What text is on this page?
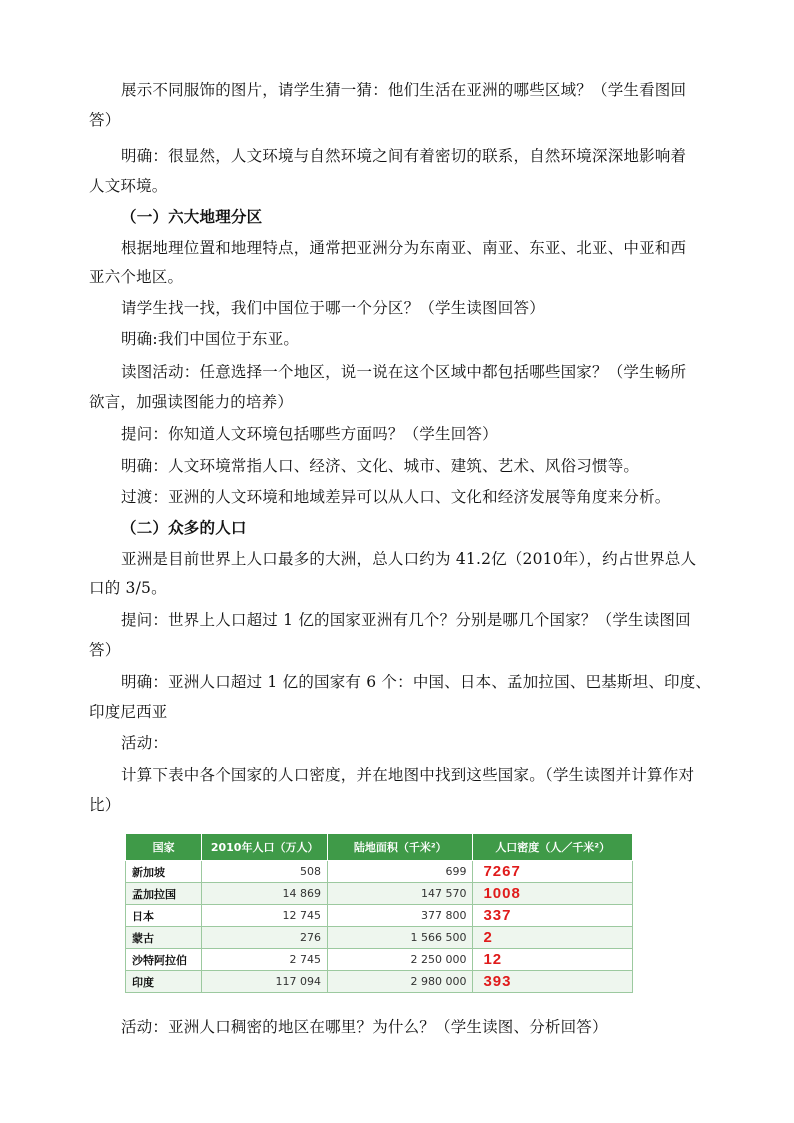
展示不同服饰的图片，请学生猜一猜：他们生活在亚洲的哪些区域？（学生看图回
答）
明确：很显然，人文环境与自然环境之间有着密切的联系，自然环境深深地影响着
人文环境。
（一）六大地理分区
根据地理位置和地理特点，通常把亚洲分为东南亚、南亚、东亚、北亚、中亚和西
亚六个地区。
请学生找一找，我们中国位于哪一个分区？（学生读图回答）
明确:我们中国位于东亚。
读图活动：任意选择一个地区，说一说在这个区域中都包括哪些国家？（学生畅所
欲言，加强读图能力的培养）
提问：你知道人文环境包括哪些方面吗？（学生回答）
明确：人文环境常指人口、经济、文化、城市、建筑、艺术、风俗习惯等。
过渡：亚洲的人文环境和地域差异可以从人口、文化和经济发展等角度来分析。
（二）众多的人口
亚洲是目前世界上人口最多的大洲，总人口约为 41.2亿（2010年），约占世界总人
口的 3/5。
提问：世界上人口超过 1 亿的国家亚洲有几个？分别是哪几个国家？（学生读图回
答）
明确：亚洲人口超过 1 亿的国家有 6 个：中国、日本、孟加拉国、巴基斯坦、印度、
印度尼西亚
活动：
计算下表中各个国家的人口密度，并在地图中找到这些国家。（学生读图并计算作对
比）
国家	2010年人口（万人）	陆地面积（千米²）	人口密度（人／千米²）
新加坡	508	699	7267
孟加拉国	14 869	147 570	1008
日本	12 745	377 800	337
蒙古	276	1 566 500	2
沙特阿拉伯	2 745	2 250 000	12
印度	117 094	2 980 000	393
活动：亚洲人口稠密的地区在哪里？为什么？（学生读图、分析回答）
